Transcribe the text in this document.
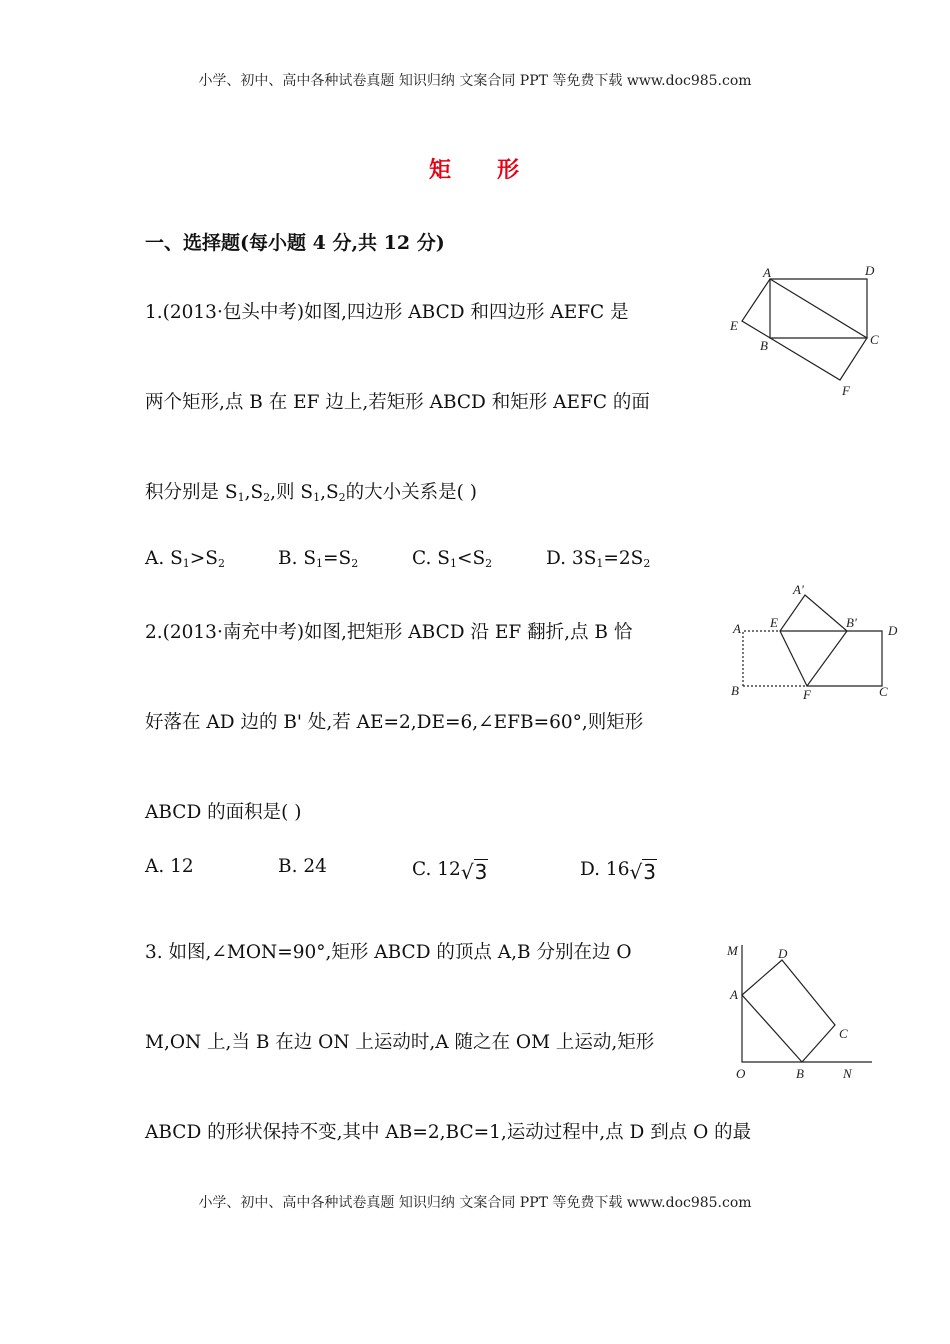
小学、初中、高中各种试卷真题 知识归纳 文案合同 PPT 等免费下载 www.doc985.com
矩 形
一、选择题(每小题 4 分,共 12 分)
1.(2013·包头中考)如图,四边形 ABCD 和四边形 AEFC 是
两个矩形,点 B 在 EF 边上,若矩形 ABCD 和矩形 AEFC 的面
积分别是 $S_1,S_2$,则 $S_1,S_2$的大小关系是( )
A. $S_1>S_2$	B. $S_1=S_2$	C. $S_1<S_2$	D. $3S_1=2S_2$
A	D
E
B	C
F
2.(2013·南充中考)如图,把矩形 ABCD 沿 EF 翻折,点 B 恰
好落在 AD 边的 B' 处,若 AE=2,DE=6,∠EFB=60°,则矩形
ABCD 的面积是( )
A. 12	B. 24	C. 12√3	D. 16√3
A E
A'
B'
D
B	F	C
3. 如图,∠MON=90°,矩形 ABCD 的顶点 A,B 分别在边 O
M,ON 上,当 B 在边 ON 上运动时,A 随之在 OM 上运动,矩形
ABCD 的形状保持不变,其中 AB=2,BC=1,运动过程中,点 D 到点 O 的最
M	D
A
C
O	B	N
小学、初中、高中各种试卷真题 知识归纳 文案合同 PPT 等免费下载 www.doc985.com
